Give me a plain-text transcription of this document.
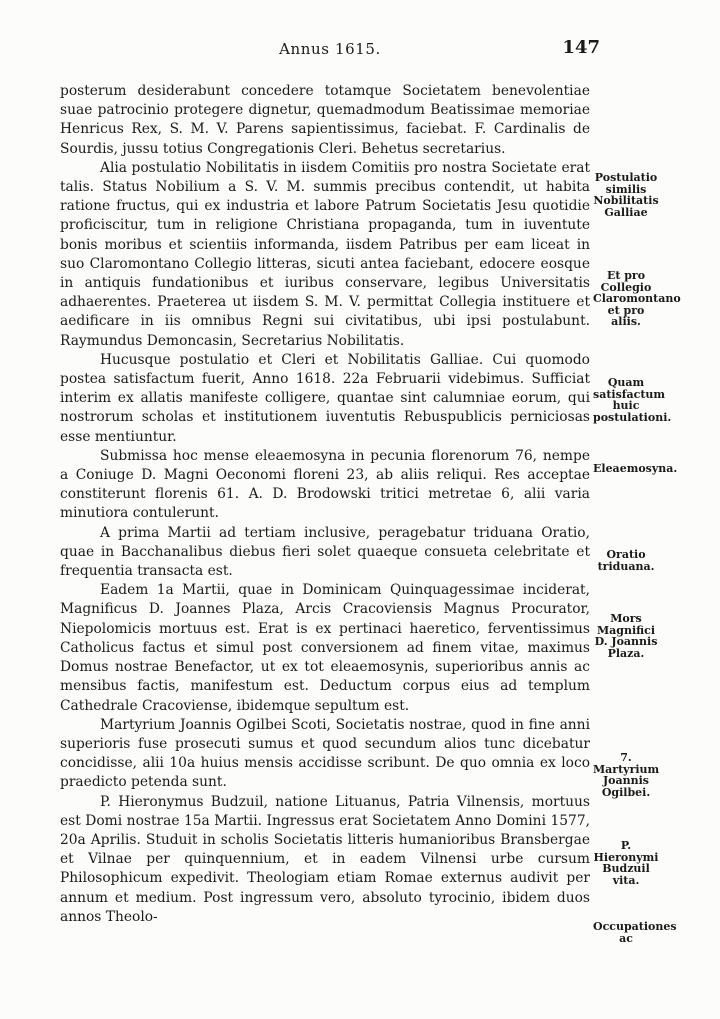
Annus 1615.	147

posterum desiderabunt concedere totamque Societatem benevolentiae suae patrocinio protegere dignetur, quemadmodum Beatissimae memoriae Henricus Rex, S. M. V. Parens sapientissimus, faciebat. F. Cardinalis de Sourdis, jussu totius Congregationis Cleri. Behetus secretarius.

Alia postulatio Nobilitatis in iisdem Comitiis pro nostra Societate erat talis. Status Nobilium a S. V. M. summis precibus contendit, ut habita ratione fructus, qui ex industria et labore Patrum Societatis Jesu quotidie proficiscitur, tum in religione Christiana propaganda, tum in iuventute bonis moribus et scientiis informanda, iisdem Patribus per eam liceat in suo Claromontano Collegio litteras, sicuti antea faciebant, edocere eosque in antiquis fundationibus et iuribus conservare, legibus Universitatis adhaerentes. Praeterea ut iisdem S. M. V. permittat Collegia instituere et aedificare in iis omnibus Regni sui civitatibus, ubi ipsi postulabunt. Raymundus Demoncasin, Secretarius Nobilitatis.

Hucusque postulatio et Cleri et Nobilitatis Galliae. Cui quomodo postea satisfactum fuerit, Anno 1618. 22a Februarii videbimus. Sufficiat interim ex allatis manifeste colligere, quantae sint calumniae eorum, qui nostrorum scholas et institutionem iuventutis Rebuspublicis perniciosas esse mentiuntur.

Submissa hoc mense eleaemosyna in pecunia florenorum 76, nempe a Coniuge D. Magni Oeconomi floreni 23, ab aliis reliqui. Res acceptae constiterunt florenis 61. A. D. Brodowski tritici metretae 6, alii varia minutiora contulerunt.

A prima Martii ad tertiam inclusive, peragebatur triduana Oratio, quae in Bacchanalibus diebus fieri solet quaeque consueta celebritate et frequentia transacta est.

Eadem 1a Martii, quae in Dominicam Quinquagessimae inciderat, Magnificus D. Joannes Plaza, Arcis Cracoviensis Magnus Procurator, Niepolomicis mortuus est. Erat is ex pertinaci haeretico, ferventissimus Catholicus factus et simul post conversionem ad finem vitae, maximus Domus nostrae Benefactor, ut ex tot eleaemosynis, superioribus annis ac mensibus factis, manifestum est. Deductum corpus eius ad templum Cathedrale Cracoviense, ibidemque sepultum est.

Martyrium Joannis Ogilbei Scoti, Societatis nostrae, quod in fine anni superioris fuse prosecuti sumus et quod secundum alios tunc dicebatur concidisse, alii 10a huius mensis accidisse scribunt. De quo omnia ex loco praedicto petenda sunt.

P. Hieronymus Budzuil, natione Lituanus, Patria Vilnensis, mortuus est Domi nostrae 15a Martii. Ingressus erat Societatem Anno Domini 1577, 20a Aprilis. Studuit in scholis Societatis litteris humanioribus Bransbergae et Vilnae per quinquennium, et in eadem Vilnensi urbe cursum Philosophicum expedivit. Theologiam etiam Romae externus audivit per annum et medium. Post ingressum vero, absoluto tyrocinio, ibidem duos annos Theolo-

Postulatio similis Nobilitatis Galliae
Et pro Collegio Claromontano et pro aliis.
Quam satisfactum huic postulationi.
Eleaemosyna.
Oratio triduana.
Mors Magnifici D. Joannis Plaza.
7. Martyrium Joannis Ogilbei.
P. Hieronymi Budzuil vita.
Occupationes ac
